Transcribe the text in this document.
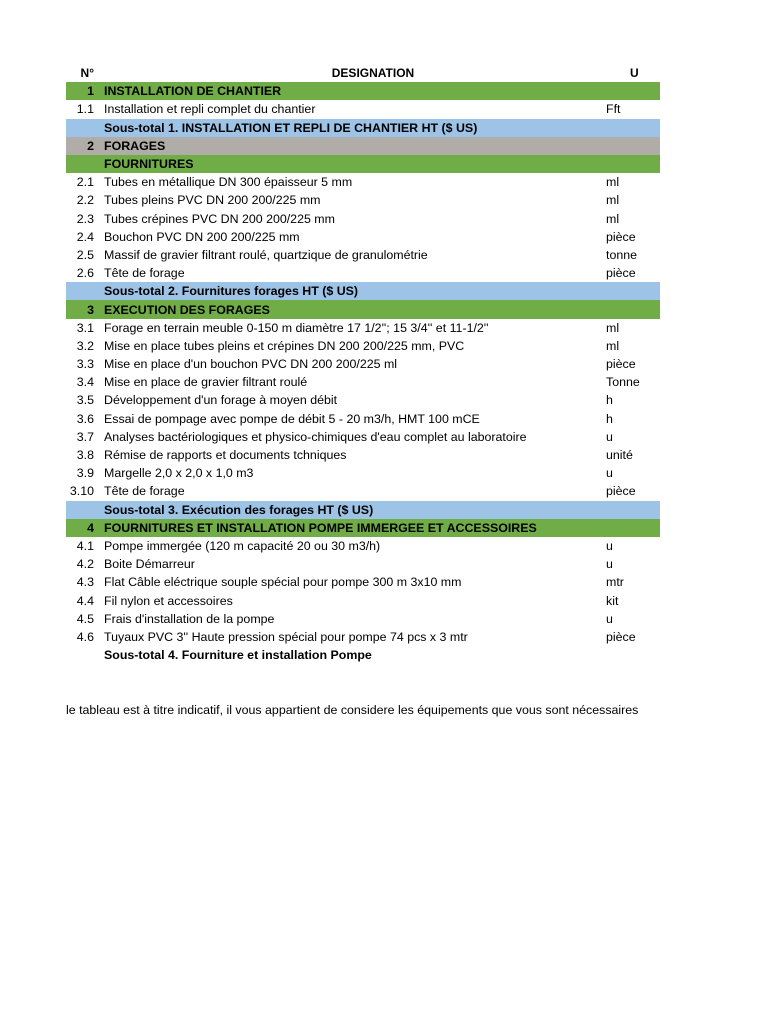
N°	DESIGNATION	U
1 INSTALLATION DE CHANTIER
1.1 Installation et repli complet du chantier	Fft
Sous-total 1. INSTALLATION ET REPLI DE CHANTIER HT ($ US)
2 FORAGES
FOURNITURES
2.1 Tubes en métallique DN 300 épaisseur 5 mm	ml
2.2 Tubes pleins PVC DN 200 200/225 mm	ml
2.3 Tubes crépines PVC DN 200 200/225 mm	ml
2.4 Bouchon PVC DN 200 200/225 mm	pièce
2.5 Massif de gravier filtrant roulé, quartzique de granulométrie	tonne
2.6 Tête de forage	pièce
Sous-total 2. Fournitures forages HT ($ US)
3 EXECUTION DES FORAGES
3.1 Forage en terrain meuble 0-150 m diamètre 17 1/2''; 15 3/4'' et 11-1/2''	ml
3.2 Mise en place tubes pleins et crépines DN 200 200/225 mm, PVC	ml
3.3 Mise en place d'un bouchon PVC DN 200 200/225 ml	pièce
3.4 Mise en place de gravier filtrant roulé	Tonne
3.5 Développement d'un forage à moyen débit	h
3.6 Essai de pompage avec pompe de débit 5 - 20 m3/h, HMT 100 mCE	h
3.7 Analyses bactériologiques et physico-chimiques d'eau complet au laboratoire	u
3.8 Rémise de rapports et documents tchniques	unité
3.9 Margelle 2,0 x 2,0 x 1,0 m3	u
3.10 Tête de forage	pièce
Sous-total 3. Exécution des forages HT ($ US)
4 FOURNITURES ET INSTALLATION POMPE IMMERGEE ET ACCESSOIRES
4.1 Pompe immergée (120 m capacité 20 ou 30 m3/h)	u
4.2 Boite Démarreur	u
4.3 Flat Câble eléctrique souple spécial pour pompe 300 m 3x10 mm	mtr
4.4 Fil nylon et accessoires	kit
4.5 Frais d'installation de la pompe	u
4.6 Tuyaux PVC 3'' Haute pression spécial pour pompe 74 pcs x 3 mtr	pièce
Sous-total 4. Fourniture et installation Pompe
le tableau est à titre indicatif, il vous appartient de considere les équipements que vous sont nécessaires
